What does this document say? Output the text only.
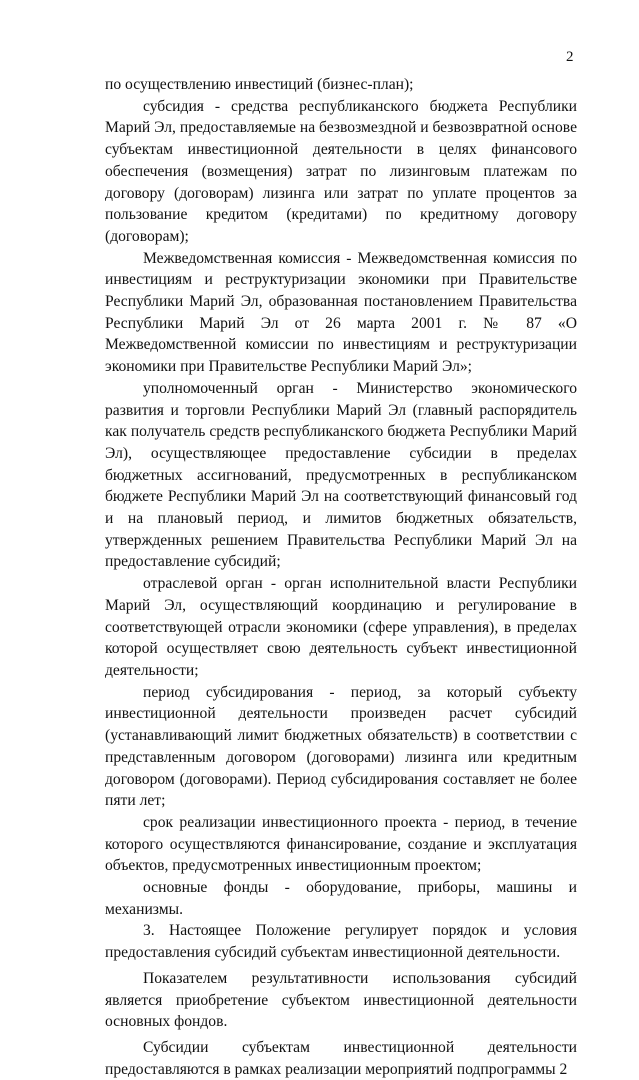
2

по осуществлению инвестиций (бизнес-план);

субсидия - средства республиканского бюджета Республики Марий Эл, предоставляемые на безвозмездной и безвозвратной основе субъектам инвестиционной деятельности в целях финансового обеспечения (возмещения) затрат по лизинговым платежам по договору (договорам) лизинга или затрат по уплате процентов за пользование кредитом (кредитами) по кредитному договору (договорам);

Межведомственная комиссия - Межведомственная комиссия по инвестициям и реструктуризации экономики при Правительстве Республики Марий Эл, образованная постановлением Правительства Республики Марий Эл от 26 марта 2001 г. № 87 «О Межведомственной комиссии по инвестициям и реструктуризации экономики при Правительстве Республики Марий Эл»;

уполномоченный орган - Министерство экономического развития и торговли Республики Марий Эл (главный распорядитель как получатель средств республиканского бюджета Республики Марий Эл), осуществляющее предоставление субсидии в пределах бюджетных ассигнований, предусмотренных в республиканском бюджете Республики Марий Эл на соответствующий финансовый год и на плановый период, и лимитов бюджетных обязательств, утвержденных решением Правительства Республики Марий Эл на предоставление субсидий;

отраслевой орган - орган исполнительной власти Республики Марий Эл, осуществляющий координацию и регулирование в соответствующей отрасли экономики (сфере управления), в пределах которой осуществляет свою деятельность субъект инвестиционной деятельности;

период субсидирования - период, за который субъекту инвестиционной деятельности произведен расчет субсидий (устанавливающий лимит бюджетных обязательств) в соответствии с представленным договором (договорами) лизинга или кредитным договором (договорами). Период субсидирования составляет не более пяти лет;

срок реализации инвестиционного проекта - период, в течение которого осуществляются финансирование, создание и эксплуатация объектов, предусмотренных инвестиционным проектом;

основные фонды - оборудование, приборы, машины и механизмы.

3. Настоящее Положение регулирует порядок и условия предоставления субсидий субъектам инвестиционной деятельности.

Показателем результативности использования субсидий является приобретение субъектом инвестиционной деятельности основных фондов.

Субсидии субъектам инвестиционной деятельности предоставляются в рамках реализации мероприятий подпрограммы 2
